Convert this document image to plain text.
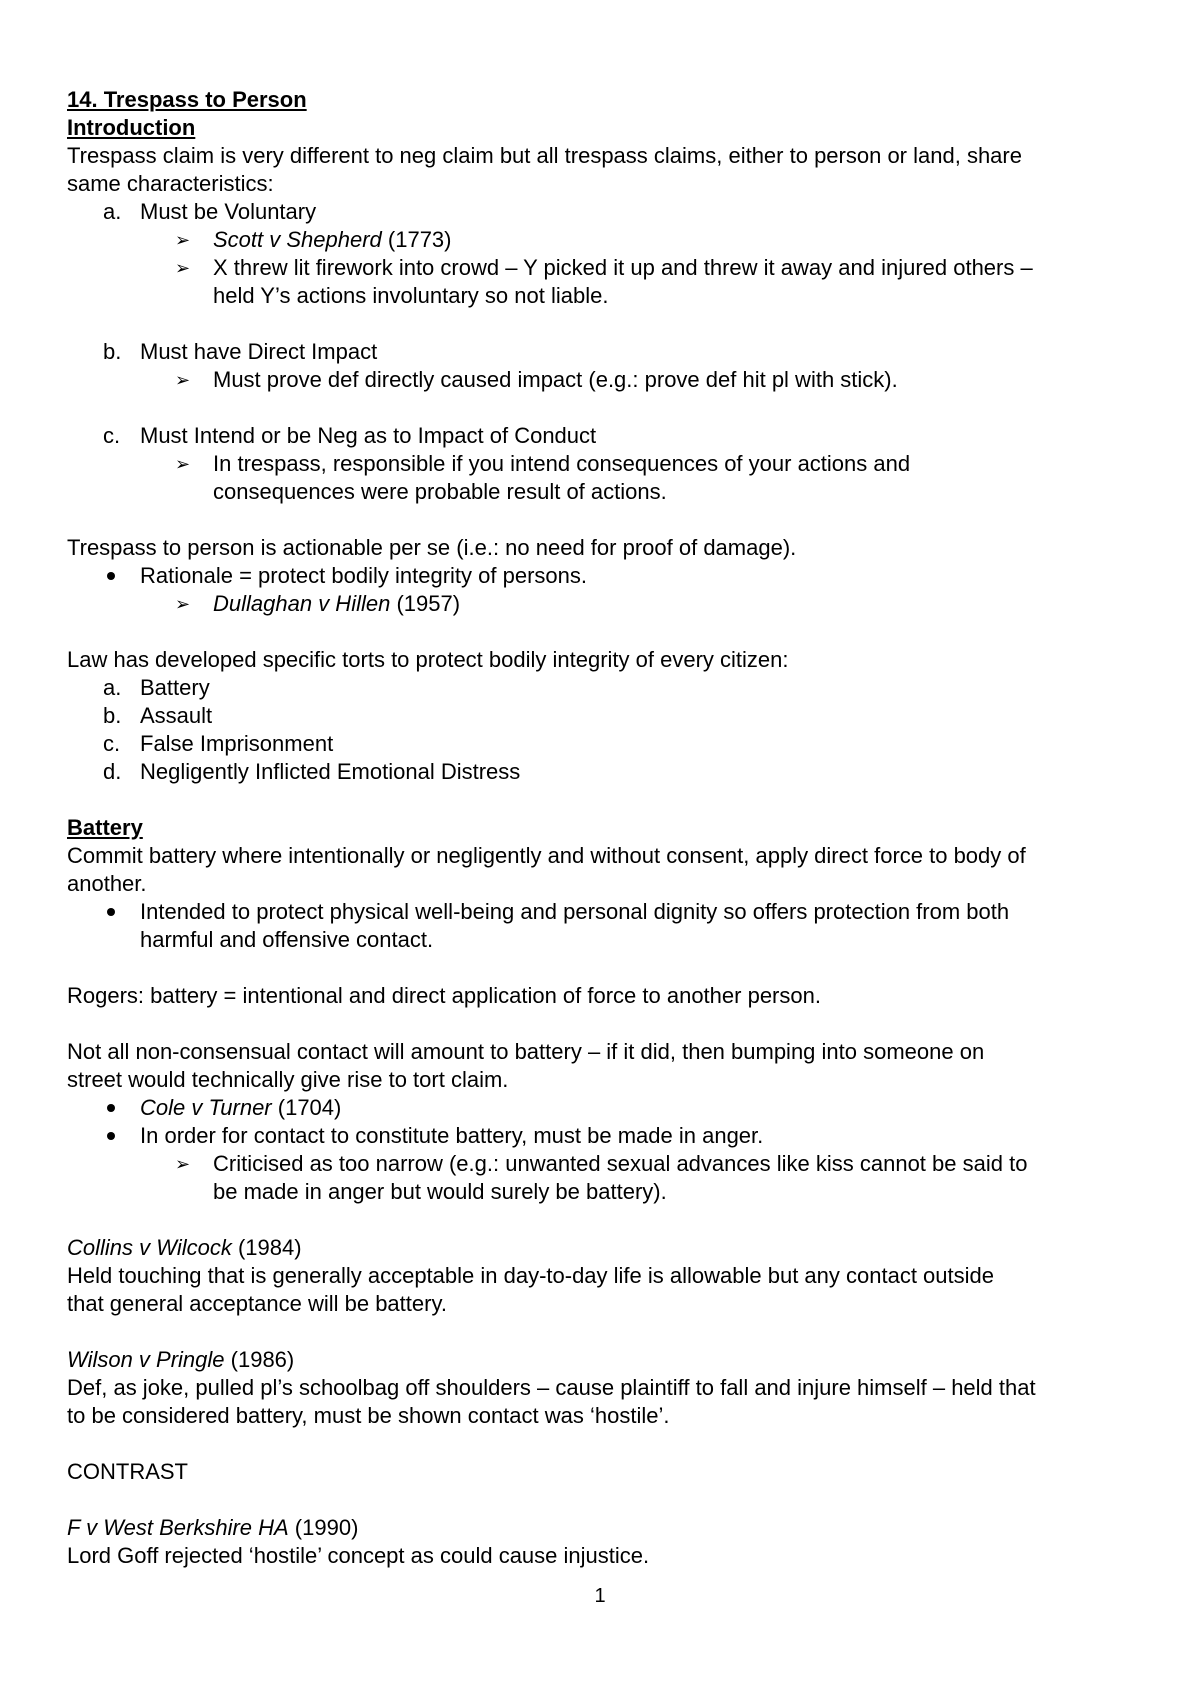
14. Trespass to Person
Introduction
Trespass claim is very different to neg claim but all trespass claims, either to person or land, share
same characteristics:
a. Must be Voluntary
➢ Scott v Shepherd (1773)
➢ X threw lit firework into crowd – Y picked it up and threw it away and injured others –
held Y’s actions involuntary so not liable.
b. Must have Direct Impact
➢ Must prove def directly caused impact (e.g.: prove def hit pl with stick).
c. Must Intend or be Neg as to Impact of Conduct
➢ In trespass, responsible if you intend consequences of your actions and
consequences were probable result of actions.
Trespass to person is actionable per se (i.e.: no need for proof of damage).
Rationale = protect bodily integrity of persons.
➢ Dullaghan v Hillen (1957)
Law has developed specific torts to protect bodily integrity of every citizen:
a. Battery
b. Assault
c. False Imprisonment
d. Negligently Inflicted Emotional Distress
Battery
Commit battery where intentionally or negligently and without consent, apply direct force to body of
another.
Intended to protect physical well-being and personal dignity so offers protection from both
harmful and offensive contact.
Rogers: battery = intentional and direct application of force to another person.
Not all non-consensual contact will amount to battery – if it did, then bumping into someone on
street would technically give rise to tort claim.
Cole v Turner (1704)
In order for contact to constitute battery, must be made in anger.
➢ Criticised as too narrow (e.g.: unwanted sexual advances like kiss cannot be said to
be made in anger but would surely be battery).
Collins v Wilcock (1984)
Held touching that is generally acceptable in day-to-day life is allowable but any contact outside
that general acceptance will be battery.
Wilson v Pringle (1986)
Def, as joke, pulled pl’s schoolbag off shoulders – cause plaintiff to fall and injure himself – held that
to be considered battery, must be shown contact was ‘hostile’.
CONTRAST
F v West Berkshire HA (1990)
Lord Goff rejected ‘hostile’ concept as could cause injustice.
1
